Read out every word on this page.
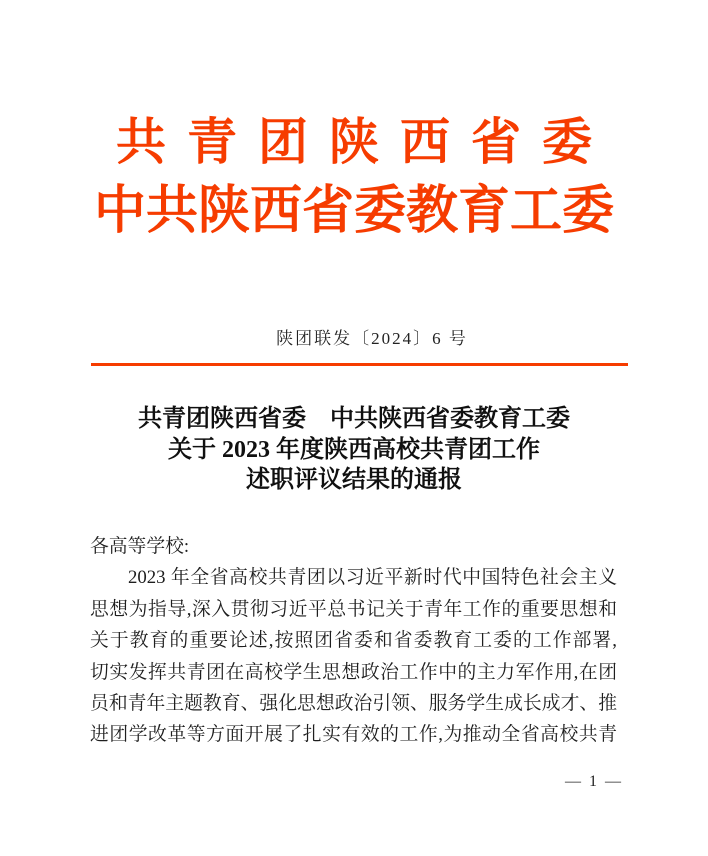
共青团陕西省委
中共陕西省委教育工委
陕团联发〔2024〕6 号
共青团陕西省委　中共陕西省委教育工委
关于 2023 年度陕西高校共青团工作
述职评议结果的通报
各高等学校:
2023 年全省高校共青团以习近平新时代中国特色社会主义
思想为指导,深入贯彻习近平总书记关于青年工作的重要思想和
关于教育的重要论述,按照团省委和省委教育工委的工作部署,
切实发挥共青团在高校学生思想政治工作中的主力军作用,在团
员和青年主题教育、强化思想政治引领、服务学生成长成才、推
进团学改革等方面开展了扎实有效的工作,为推动全省高校共青
— 1 —
